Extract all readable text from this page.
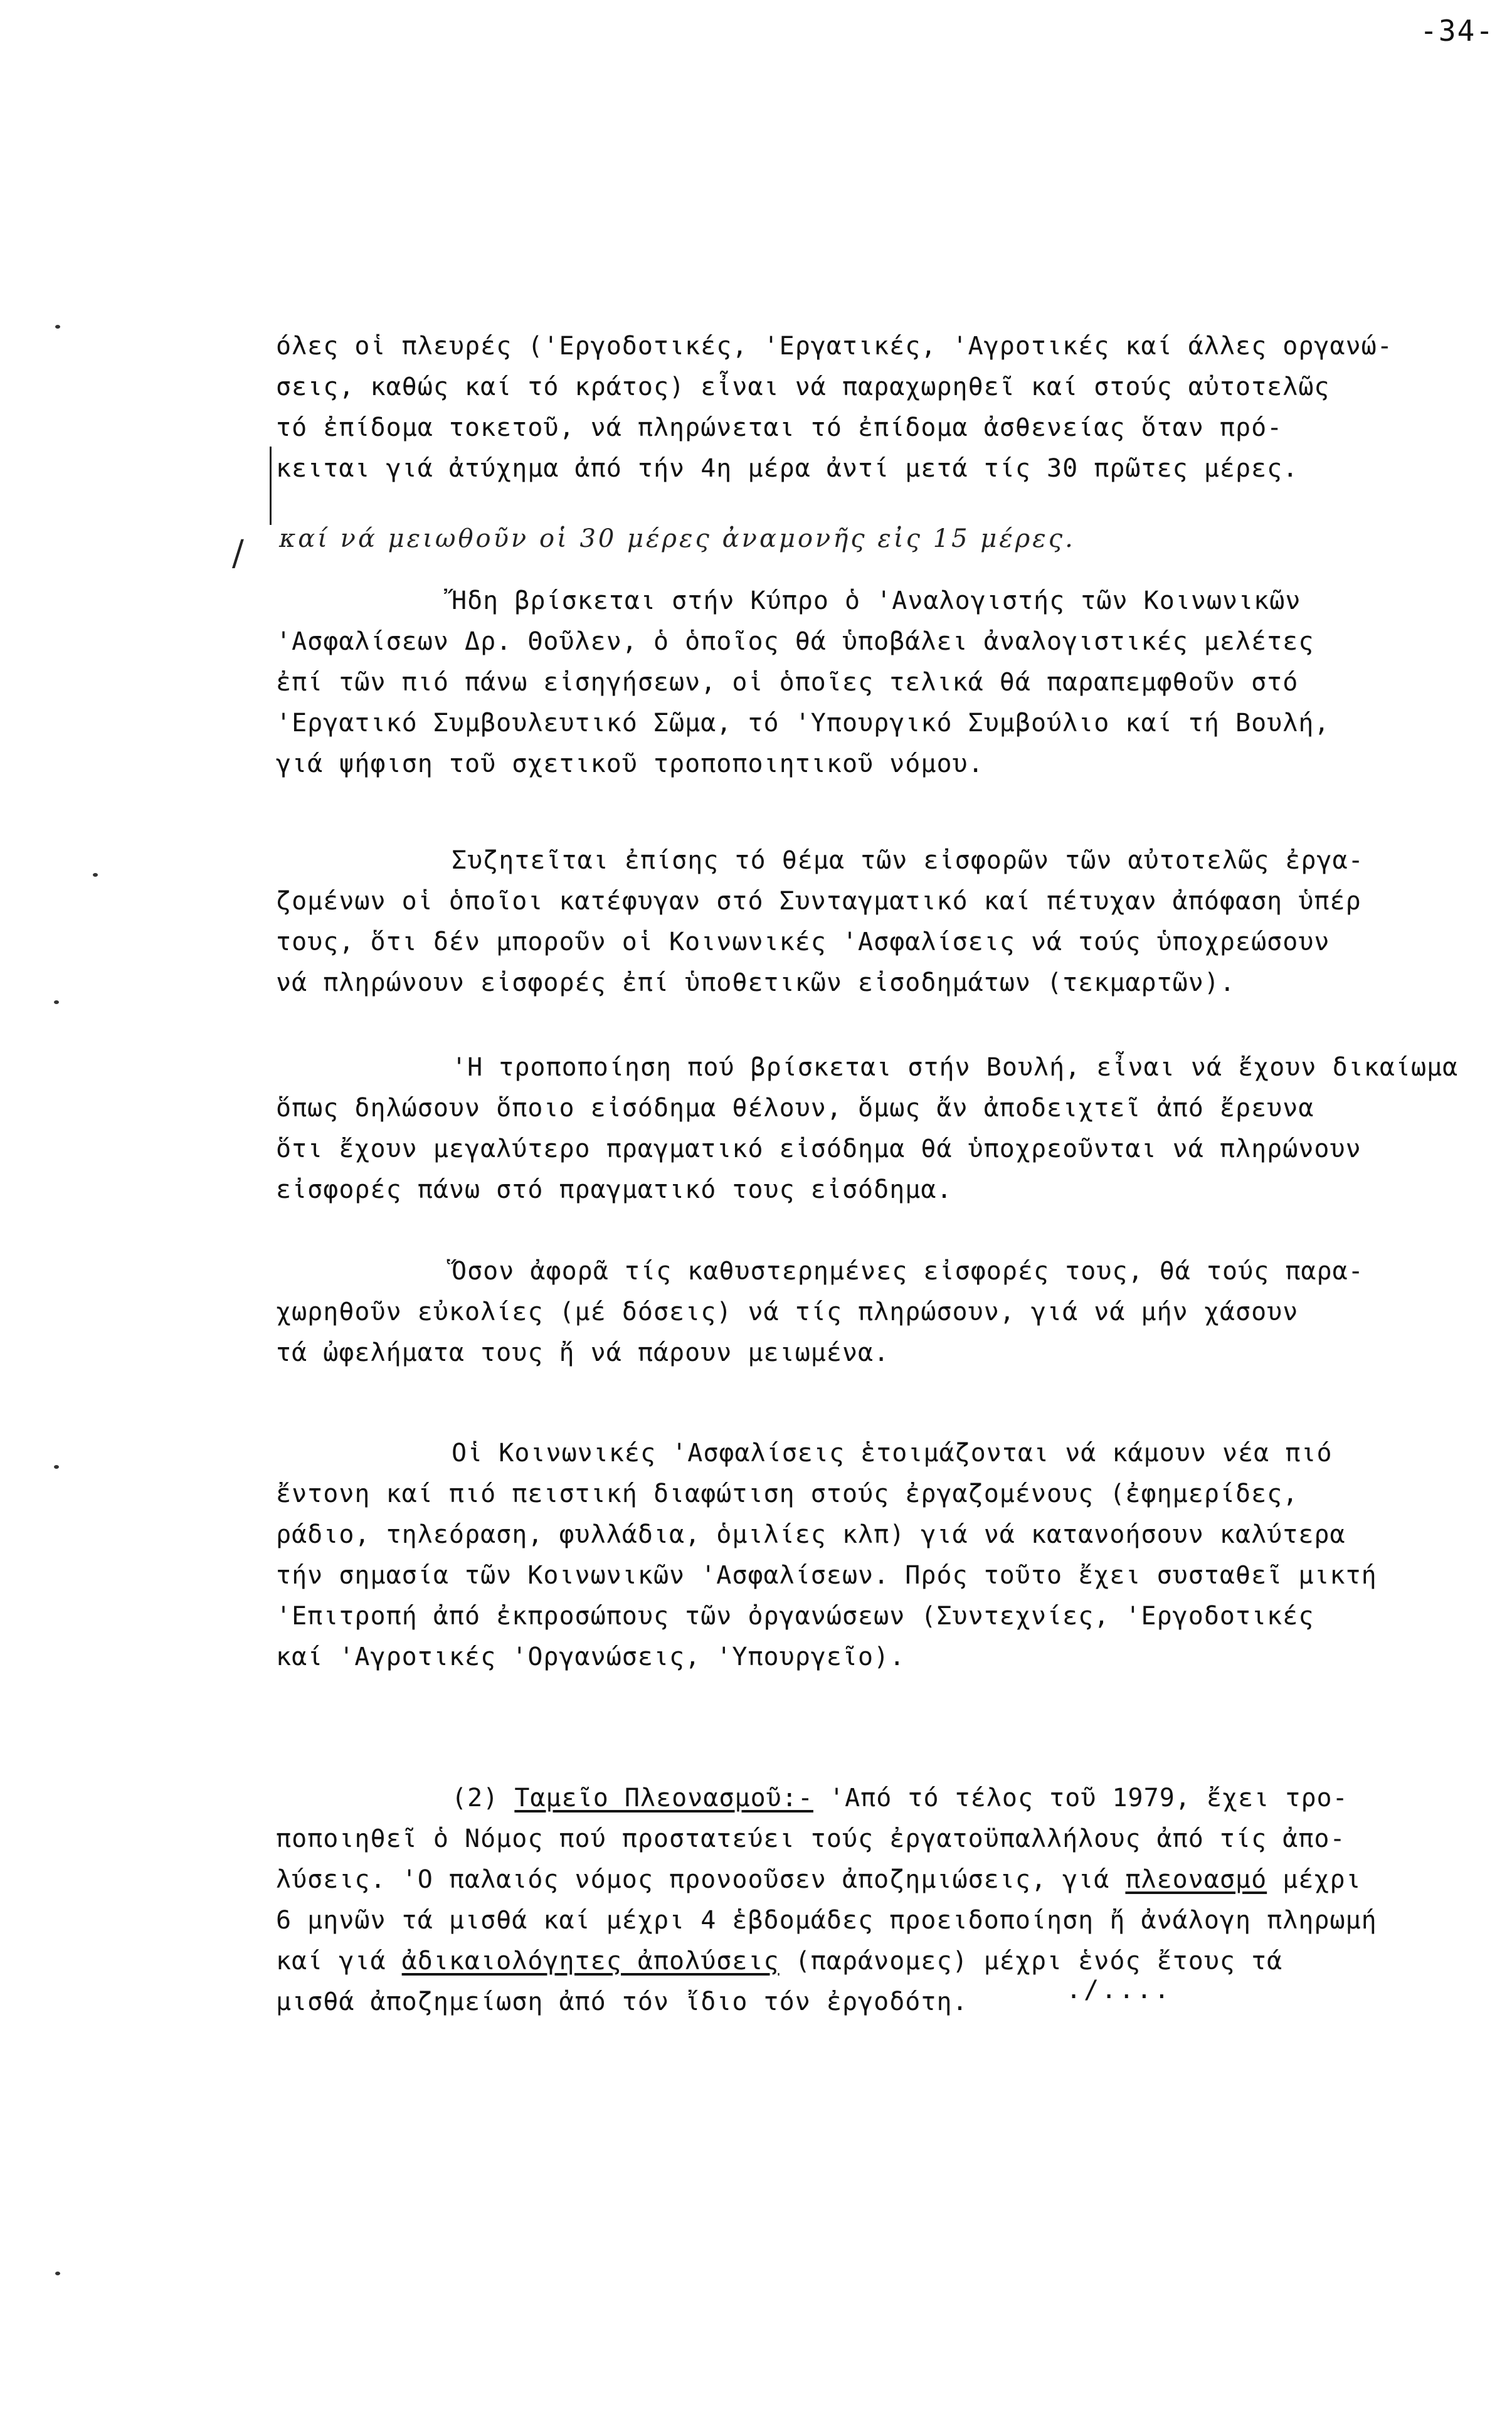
-34-
/
όλες οἱ πλευρές ('Εργοδοτικές, 'Εργατικές, 'Αγροτικές καί άλλες οργανώ-
σεις, καθώς καί τό κράτος) εἶναι νά παραχωρηθεῖ καί στούς αὐτοτελῶς
τό ἐπίδομα τοκετοῦ, νά πληρώνεται τό ἐπίδομα ἀσθενείας ὅταν πρό-
κειται γιά ἀτύχημα ἀπό τήν 4η μέρα ἀντί μετά τίς 30 πρῶτες μέρες.
καί νά μειωθοῦν οἱ 30 μέρες ἀναμονῆς εἰς 15 μέρες.
Ἤδη βρίσκεται στήν Κύπρο ὁ 'Αναλογιστής τῶν Κοινωνικῶν
'Ασφαλίσεων Δρ. Θοῦλεν, ὁ ὁποῖος θά ὑποβάλει ἀναλογιστικές μελέτες
ἐπί τῶν πιό πάνω εἰσηγήσεων, οἱ ὁποῖες τελικά θά παραπεμφθοῦν στό
'Εργατικό Συμβουλευτικό Σῶμα, τό 'Υπουργικό Συμβούλιο καί τή Βουλή,
γιά ψήφιση τοῦ σχετικοῦ τροποποιητικοῦ νόμου.
Συζητεῖται ἐπίσης τό θέμα τῶν εἰσφορῶν τῶν αὐτοτελῶς ἐργα-
ζομένων οἱ ὁποῖοι κατέφυγαν στό Συνταγματικό καί πέτυχαν ἀπόφαση ὑπέρ
τους, ὅτι δέν μποροῦν οἱ Κοινωνικές 'Ασφαλίσεις νά τούς ὑποχρεώσουν
νά πληρώνουν εἰσφορές ἐπί ὑποθετικῶν εἰσοδημάτων (τεκμαρτῶν).
'Η τροποποίηση πού βρίσκεται στήν Βουλή, εἶναι νά ἔχουν δικαίωμα
ὅπως δηλώσουν ὅποιο εἰσόδημα θέλουν, ὅμως ἄν ἀποδειχτεῖ ἀπό ἔρευνα
ὅτι ἔχουν μεγαλύτερο πραγματικό εἰσόδημα θά ὑποχρεοῦνται νά πληρώνουν
εἰσφορές πάνω στό πραγματικό τους εἰσόδημα.
Ὅσον ἀφορᾶ τίς καθυστερημένες εἰσφορές τους, θά τούς παρα-
χωρηθοῦν εὐκολίες (μέ δόσεις) νά τίς πληρώσουν, γιά νά μήν χάσουν
τά ὠφελήματα τους ἤ νά πάρουν μειωμένα.
Οἱ Κοινωνικές 'Ασφαλίσεις ἑτοιμάζονται νά κάμουν νέα πιό
ἔντονη καί πιό πειστική διαφώτιση στούς ἐργαζομένους (ἐφημερίδες,
ράδιο, τηλεόραση, φυλλάδια, ὁμιλίες κλπ) γιά νά κατανοήσουν καλύτερα
τήν σημασία τῶν Κοινωνικῶν 'Ασφαλίσεων. Πρός τοῦτο ἔχει συσταθεῖ μικτή
'Επιτροπή ἀπό ἐκπροσώπους τῶν ὀργανώσεων (Συντεχνίες, 'Εργοδοτικές
καί 'Αγροτικές 'Οργανώσεις, 'Υπουργεῖο).
(2) Ταμεῖο Πλεονασμοῦ:- 'Από τό τέλος τοῦ 1979, ἔχει τρο-
ποποιηθεῖ ὁ Νόμος πού προστατεύει τούς ἐργατοϋπαλλήλους ἀπό τίς ἀπο-
λύσεις. 'Ο παλαιός νόμος προνοοῦσεν ἀποζημιώσεις, γιά πλεονασμό μέχρι
6 μηνῶν τά μισθά καί μέχρι 4 ἑβδομάδες προειδοποίηση ἤ ἀνάλογη πληρωμή
καί γιά ἀδικαιολόγητες ἀπολύσεις (παράνομες) μέχρι ἑνός ἔτους τά
μισθά ἀποζημείωση ἀπό τόν ἴδιο τόν ἐργοδότη.	./....
